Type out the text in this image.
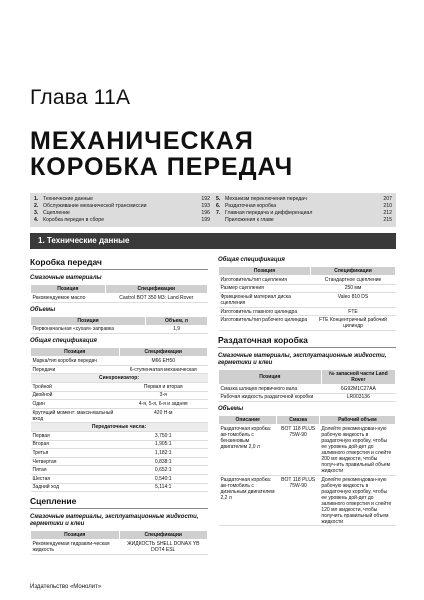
Глава 11А
МЕХАНИЧЕСКАЯ
КОРОБКА ПЕРЕДАЧ
1. Технические данные	192
2. Обслуживание механической трансмиссии	193
3. Сцепление	196
4. Коробка передач в сборе	199
5. Механизм переключения передач	207
6. Раздаточная коробка	210
7. Главная передача и дифференциал	212
Приложения к главе	215
1. Технические данные
Коробка передач
Смазочные материалы
Позиция	Спецификации
Рекомендуемое масло	Castrol BOT 350 M3: Land Rover
Объемы
Позиция	Объем, л
Первоначальная «сухая» заправка	1,9
Общая спецификация
Позиция	Спецификации
Марка/тип коробки передач	M66 EH50
Передачи	6-ступенчатая механическая
Синхронизатор:	
Тройной	Первая и вторая
Двойной	3-я
Один	4-я, 5-я, 6-я и задняя
Крутящий момент: макси-мальный вход	420 Н·м
Передаточные числа:	
Первая	3,750:1
Вторая	1,905:1
Третья	1,182:1
Четвертая	0,838:1
Пятая	0,652:1
Шестая	0,540:1
Задний ход	5,114:1
Сцепление
Смазочные материалы, эксплуатационные жидкости, герметики и клеи
Позиция	Спецификации
Рекомендуемая гидравли-ческая жидкость	ЖИДКОСТЬ SHELL DONAX YB DOT4 ESL
Общая спецификация
Позиция	Спецификации
Изготовитель/тип сцепления	Стандартное сцепление
Размер сцепления	250 мм
Фрикционный материал диска сцепления	Valeo 810 DS
Изготовитель главного цилиндра	FTE
Изготовитель/тип рабочего цилиндра	FTE Концентричный рабочий цилиндр
Раздаточная коробка
Смазочные материалы, эксплуатационные жидкости, герметики и клеи
Позиция	№ запасной части Land Rover
Смазка шлицев первичного вала	6G92M1C27AA
Рабочая жидкость раздаточной коробки	LR003136
Объемы
Описание	Смазка	Рабочий объем
Раздаточная коробка: ав-томобиль с бензиновым двигателем 2,0 л	BOT 118 PLUS 75W-90	Долейте рекомендован-ную рабочую жидкость в раздаточную коробку, чтобы ее уровень дой-дет до заливного отверстия и слейте 200 мл жидкости, чтобы получ-ить правильный объем жидкости
Раздаточная коробка: ав-томобиль с дизельным двигателем 2,2 л	BOT 118 PLUS 75W-90	Долейте рекомендован-ную рабочую жидкость в раздаточную коробку, чтобы ее уровень дой-дет до заливного отверстия и слейте 120 мл жидкости, чтобы получить правильный объем жидкости
Издательство «Монолит»
